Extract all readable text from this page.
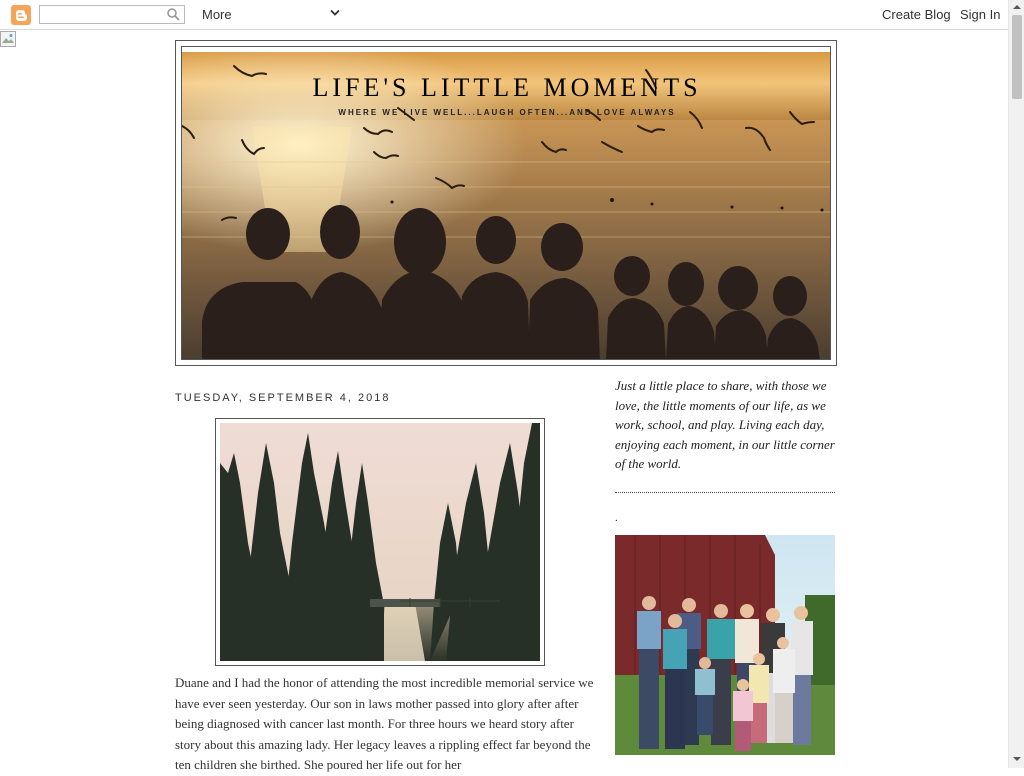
More	Create Blog Sign In
LIFE'S LITTLE MOMENTS
WHERE WE LIVE WELL...LAUGH OFTEN...AND LOVE ALWAYS
TUESDAY, SEPTEMBER 4, 2018

Duane and I had the honor of attending the most incredible memorial service we have ever seen yesterday. Our son in laws mother passed into glory after after being diagnosed with cancer last month. For three hours we heard story after story about this amazing lady. Her legacy leaves a rippling effect far beyond the ten children she birthed. She poured her life out for her

Just a little place to share, with those we love, the little moments of our life, as we work, school, and play. Living each day, enjoying each moment, in our little corner of the world.

.
